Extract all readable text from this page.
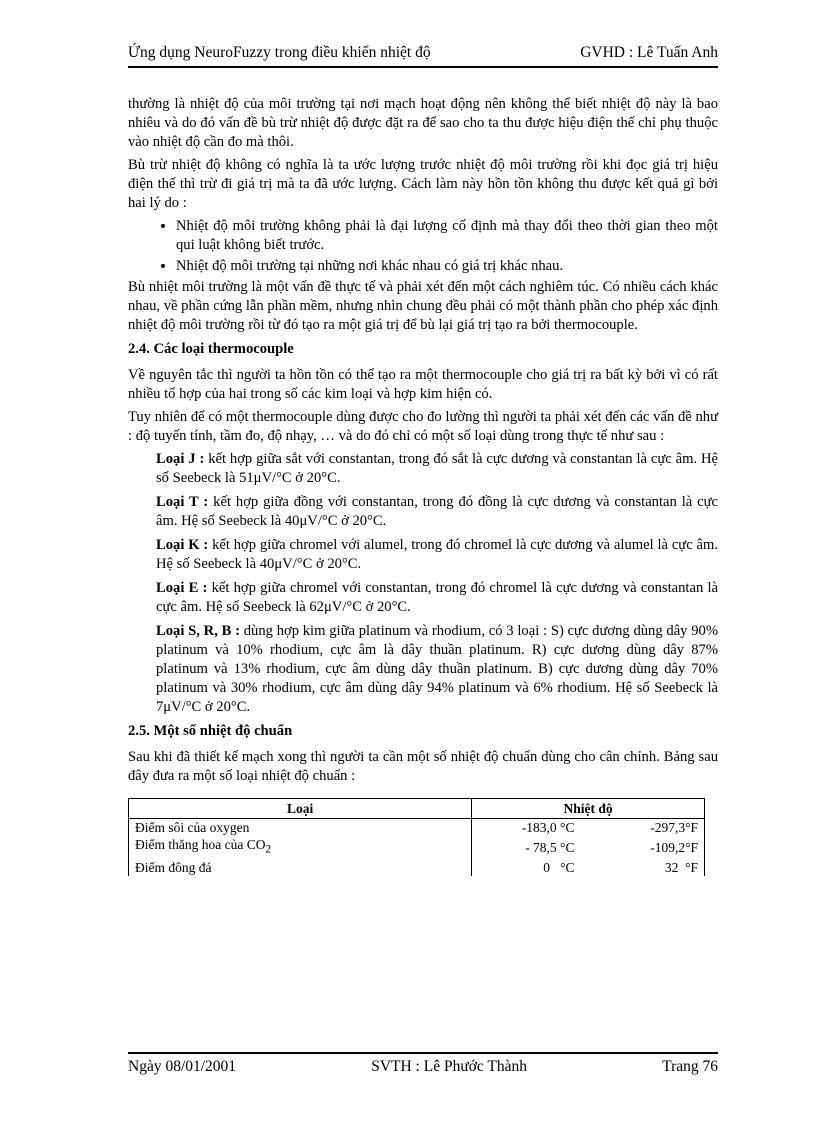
Ứng dụng NeuroFuzzy trong điều khiển nhiệt độ	GVHD : Lê Tuấn Anh

thường là nhiệt độ của môi trường tại nơi mạch hoạt động nên không thể biết nhiệt độ này là bao nhiêu và do đó vấn đề bù trừ nhiệt độ được đặt ra để sao cho ta thu được hiệu điện thế chỉ phụ thuộc vào nhiệt độ cần đo mà thôi.

Bù trừ nhiệt độ không có nghĩa là ta ước lượng trước nhiệt độ môi trường rồi khi đọc giá trị hiệu điện thế thì trừ đi giá trị mà ta đã ước lượng. Cách làm này hồn tồn không thu được kết quả gì bởi hai lý do :

• Nhiệt độ môi trường không phải là đại lượng cố định mà thay đổi theo thời gian theo một qui luật không biết trước.
• Nhiệt độ môi trường tại những nơi khác nhau có giá trị khác nhau.

Bù nhiệt môi trường là một vấn đề thực tế và phải xét đến một cách nghiêm túc. Có nhiều cách khác nhau, về phần cứng lẫn phần mềm, nhưng nhìn chung đều phải có một thành phần cho phép xác định nhiệt độ môi trường rồi từ đó tạo ra một giá trị để bù lại giá trị tạo ra bởi thermocouple.

2.4. Các loại thermocouple

Về nguyên tắc thì người ta hồn tồn có thể tạo ra một thermocouple cho giá trị ra bất kỳ bởi vì có rất nhiều tổ hợp của hai trong số các kim loại và hợp kim hiện có.

Tuy nhiên để có một thermocouple dùng được cho đo lường thì người ta phải xét đến các vấn đề như : độ tuyến tính, tầm đo, độ nhạy, … và do đó chỉ có một số loại dùng trong thực tế như sau :

Loại J : kết hợp giữa sắt với constantan, trong đó sắt là cực dương và constantan là cực âm. Hệ số Seebeck là 51μV/°C ở 20°C.

Loại T : kết hợp giữa đồng với constantan, trong đó đồng là cực dương và constantan là cực âm. Hệ số Seebeck là 40μV/°C ở 20°C.

Loại K : kết hợp giữa chromel với alumel, trong đó chromel là cực dương và alumel là cực âm. Hệ số Seebeck là 40μV/°C ở 20°C.

Loại E : kết hợp giữa chromel với constantan, trong đó chromel là cực dương và constantan là cực âm. Hệ số Seebeck là 62μV/°C ở 20°C.

Loại S, R, B : dùng hợp kim giữa platinum và rhodium, có 3 loại : S) cực dương dùng dây 90% platinum và 10% rhodium, cực âm là dây thuần platinum. R) cực dương dùng dây 87% platinum và 13% rhodium, cực âm dùng dây thuần platinum. B) cực dương dùng dây 70% platinum và 30% rhodium, cực âm dùng dây 94% platinum và 6% rhodium. Hệ số Seebeck là 7μV/°C ở 20°C.

2.5. Một số nhiệt độ chuẩn

Sau khi đã thiết kế mạch xong thì người ta cần một số nhiệt độ chuẩn dùng cho cân chỉnh. Bảng sau đây đưa ra một số loại nhiệt độ chuẩn :

Loại	Nhiệt độ	
Điểm sôi của oxygen	-183,0 °C	-297,3°F
Điểm thăng hoa của $CO_2$	- 78,5 °C	-109,2°F
Điểm đông đá	0   °C	32  °F
Ngày 08/01/2001	SVTH : Lê Phước Thành	Trang 76
